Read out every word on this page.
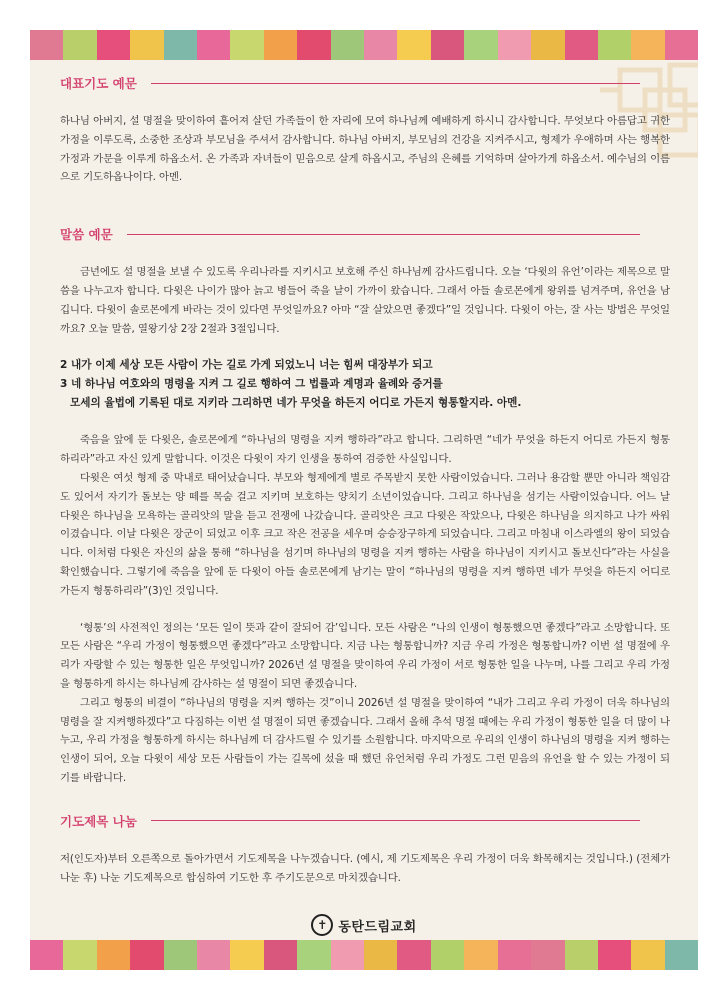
대표기도 예문

하나님 아버지, 설 명절을 맞이하여 흩어져 살던 가족들이 한 자리에 모여 하나님께 예배하게 하시니 감사합니다. 무엇보다 아름답고 귀한 가정을 이루도록, 소중한 조상과 부모님을 주셔서 감사합니다. 하나님 아버지, 부모님의 건강을 지켜주시고, 형제가 우애하며 사는 행복한 가정과 가문을 이루게 하옵소서. 온 가족과 자녀들이 믿음으로 살게 하옵시고, 주님의 은혜를 기억하며 살아가게 하옵소서. 예수님의 이름으로 기도하옵나이다. 아멘.

말씀 예문

금년에도 설 명절을 보낼 수 있도록 우리나라를 지키시고 보호해 주신 하나님께 감사드립니다. 오늘 ‘다윗의 유언’이라는 제목으로 말씀을 나누고자 합니다. 다윗은 나이가 많아 늙고 병들어 죽을 날이 가까이 왔습니다. 그래서 아들 솔로몬에게 왕위를 넘겨주며, 유언을 남깁니다. 다윗이 솔로몬에게 바라는 것이 있다면 무엇일까요? 아마 “잘 살았으면 좋겠다”일 것입니다. 다윗이 아는, 잘 사는 방법은 무엇일까요? 오늘 말씀, 열왕기상 2장 2절과 3절입니다.

2 내가 이제 세상 모든 사람이 가는 길로 가게 되었노니 너는 힘써 대장부가 되고
3 네 하나님 여호와의 명령을 지켜 그 길로 행하여 그 법률과 계명과 율례와 증거를
모세의 율법에 기록된 대로 지키라 그리하면 네가 무엇을 하든지 어디로 가든지 형통할지라. 아멘.

죽음을 앞에 둔 다윗은, 솔로몬에게 “하나님의 명령을 지켜 행하라”라고 합니다. 그리하면 “네가 무엇을 하든지 어디로 가든지 형통하리라”라고 자신 있게 말합니다. 이것은 다윗이 자기 인생을 통하여 검증한 사실입니다.

다윗은 여섯 형제 중 막내로 태어났습니다. 부모와 형제에게 별로 주목받지 못한 사람이었습니다. 그러나 용감할 뿐만 아니라 책임감도 있어서 자기가 돌보는 양 떼를 목숨 걸고 지키며 보호하는 양치기 소년이었습니다. 그리고 하나님을 섬기는 사람이었습니다. 어느 날 다윗은 하나님을 모욕하는 골리앗의 말을 듣고 전쟁에 나갔습니다. 골리앗은 크고 다윗은 작았으나, 다윗은 하나님을 의지하고 나가 싸워 이겼습니다. 이날 다윗은 장군이 되었고 이후 크고 작은 전공을 세우며 승승장구하게 되었습니다. 그리고 마침내 이스라엘의 왕이 되었습니다. 이처럼 다윗은 자신의 삶을 통해 “하나님을 섬기며 하나님의 명령을 지켜 행하는 사람을 하나님이 지키시고 돌보신다”라는 사실을 확인했습니다. 그렇기에 죽음을 앞에 둔 다윗이 아들 솔로몬에게 남기는 말이 “하나님의 명령을 지켜 행하면 네가 무엇을 하든지 어디로 가든지 형통하리라”(3)인 것입니다.

‘형통’의 사전적인 정의는 ‘모든 일이 뜻과 같이 잘되어 감’입니다. 모든 사람은 “나의 인생이 형통했으면 좋겠다”라고 소망합니다. 또 모든 사람은 “우리 가정이 형통했으면 좋겠다”라고 소망합니다. 지금 나는 형통합니까? 지금 우리 가정은 형통합니까? 이번 설 명절에 우리가 자랑할 수 있는 형통한 일은 무엇입니까? 2026년 설 명절을 맞이하여 우리 가정이 서로 형통한 일을 나누며, 나를 그리고 우리 가정을 형통하게 하시는 하나님께 감사하는 설 명절이 되면 좋겠습니다.

그리고 형통의 비결이 “하나님의 명령을 지켜 행하는 것”이니 2026년 설 명절을 맞이하여 “내가 그리고 우리 가정이 더욱 하나님의 명령을 잘 지켜행하겠다”고 다짐하는 이번 설 명절이 되면 좋겠습니다. 그래서 올해 추석 명절 때에는 우리 가정이 형통한 일을 더 많이 나누고, 우리 가정을 형통하게 하시는 하나님께 더 감사드릴 수 있기를 소원합니다. 마지막으로 우리의 인생이 하나님의 명령을 지켜 행하는 인생이 되어, 오늘 다윗이 세상 모든 사람들이 가는 길목에 섰을 때 했던 유언처럼 우리 가정도 그런 믿음의 유언을 할 수 있는 가정이 되기를 바랍니다.

기도제목 나눔

저(인도자)부터 오른쪽으로 돌아가면서 기도제목을 나누겠습니다. (예시, 제 기도제목은 우리 가정이 더욱 화목해지는 것입니다.) (전체가 나눈 후) 나눈 기도제목으로 합심하여 기도한 후 주기도문으로 마치겠습니다.

✝ 동탄드림교회
